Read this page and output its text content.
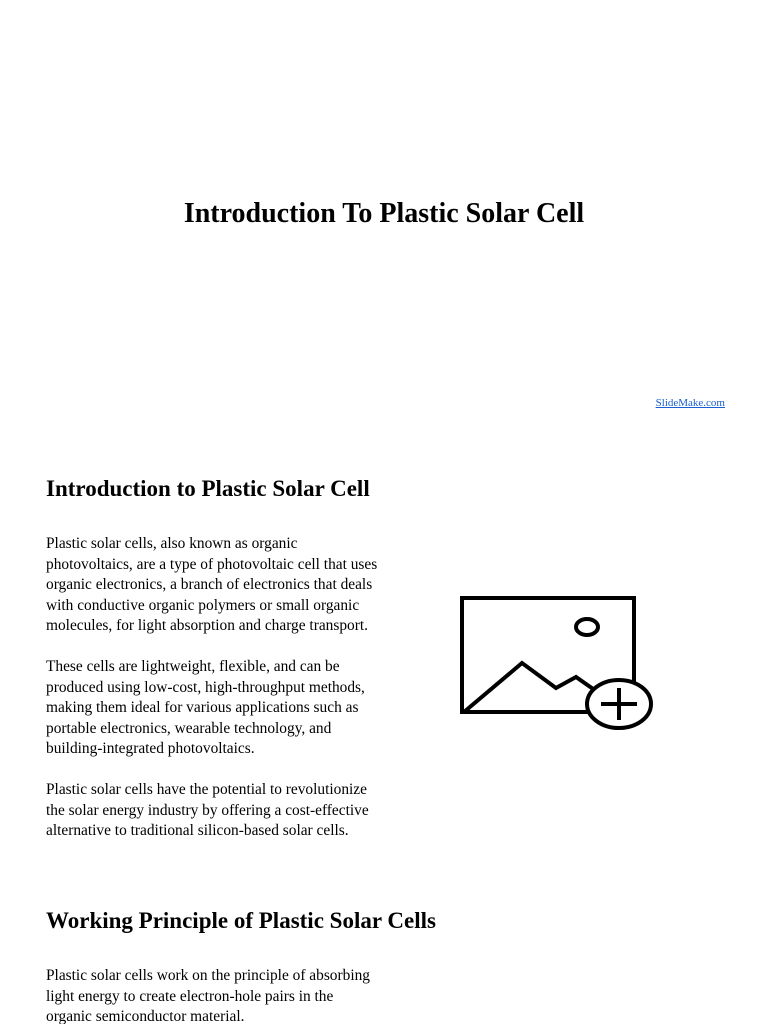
Introduction To Plastic Solar Cell
SlideMake.com
Introduction to Plastic Solar Cell

Plastic solar cells, also known as organic photovoltaics, are a type of photovoltaic cell that uses organic electronics, a branch of electronics that deals with conductive organic polymers or small organic molecules, for light absorption and charge transport.

These cells are lightweight, flexible, and can be produced using low-cost, high-throughput methods, making them ideal for various applications such as portable electronics, wearable technology, and building-integrated photovoltaics.

Plastic solar cells have the potential to revolutionize the solar energy industry by offering a cost-effective alternative to traditional silicon-based solar cells.

Working Principle of Plastic Solar Cells

Plastic solar cells work on the principle of absorbing light energy to create electron-hole pairs in the organic semiconductor material.
